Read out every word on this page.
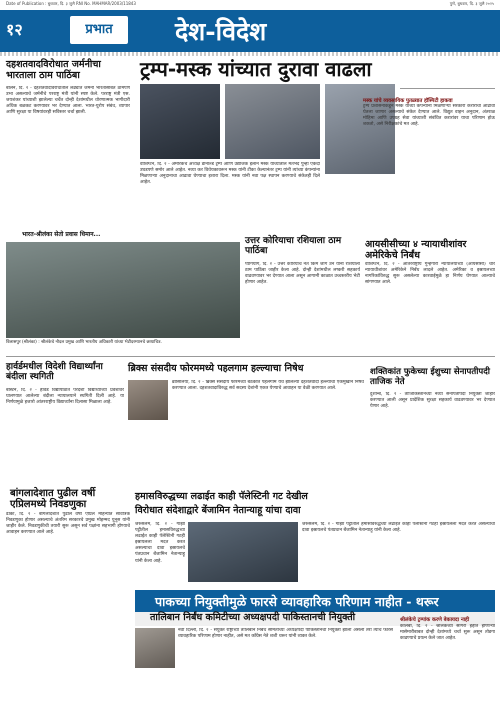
Date of Publication : बुधवार, दि. ३ जुलै RNI No. MAHMAR/2003/11843	पुणे, बुधवार, दि. ३ जुलै २०२५
१२	प्रभात	देश-विदेश
दहशतवादविरोधात जर्मनीचा भारताला ठाम पाठिंबा
बर्लिन, दि. २ - दहशतवादविरोधातील लढ्यात जर्मनी भारतासोबत ठामपणे उभा असल्याचे जर्मनीचे परराष्ट्र मंत्री यांनी स्पष्ट केले. परराष्ट्र मंत्री एस. जयशंकर यांच्याशी झालेल्या चर्चेत दोन्ही देशांमधील धोरणात्मक भागीदारी अधिक बळकट करण्यावर भर देण्यात आला. भारत-युरोप संबंध, व्यापार आणि सुरक्षा या विषयांवरही सविस्तर चर्चा झाली.
ट्रम्प-मस्क यांच्यात दुरावा वाढला
वॉशिंग्टन, दि. २ - अमेरिकेचे अध्यक्ष डोनाल्ड ट्रम्प आणि उद्योजक इलॉन मस्क यांच्यातील मतभेद पुन्हा एकदा उघडपणे समोर आले आहेत. नव्या कर विधेयकावरून मस्क यांनी टीका केल्यानंतर ट्रम्प यांनी त्यांच्या कंपन्यांना मिळणाऱ्या अनुदानाचा आढावा घेण्याचा इशारा दिला. मस्क यांनी नवा पक्ष स्थापन करण्याचे संकेतही दिले आहेत.
मस्क यांचे व्यवसायिक पुतळ्यात हॉस्पिटी हाकवा
ट्रम्प प्रशासनाकडून मस्क यांच्या कंपन्यांना मिळणाऱ्या सरकारी करारांचा आढावा घेतला जाणार असल्याचे संकेत देण्यात आले. विद्युत वाहन अनुदान, अंतराळ मोहिमा आणि उपग्रह सेवा यांच्याशी संबंधित करारांवर याचा परिणाम होऊ शकतो, असे निरीक्षकांचे मत आहे.
भारत-श्रीलंका सेतो प्रवास धिमान...
विलासपुर (श्रीलंका) : श्रीलंकेचे नौदल प्रमुख आणि भारतीय अधिकारी यांच्या भेटीदरम्यानचे छायाचित्र.
उत्तर कोरियाचा रशियाला ठाम पाठिंबा
प्योंगयांग, दि. २ - उत्तर कोरियाचे नेते किम जोंग उन यांनी रशियाला ठाम पाठिंबा जाहीर केला आहे. दोन्ही देशांमधील लष्करी सहकार्य वाढवण्यावर भर देण्यात आला असून आगामी काळात उच्चस्तरीय भेटी होणार आहेत.
आयसीसीच्या ४ न्यायाधीशांवर अमेरिकेचे निर्बंध
वॉशिंग्टन, दि. २ - आंतरराष्ट्रीय गुन्हेगारी न्यायालयाच्या (आयसीसी) चार न्यायाधीशांवर अमेरिकेने निर्बंध लादले आहेत. अमेरिका व इस्रायलच्या नागरिकांविरुद्ध सुरू असलेल्या कारवाईमुळे हा निर्णय घेण्यात आल्याचे सांगण्यात आले.
हार्वर्डमधील विदेशी विद्यार्थ्यांना बंदीला स्थगिती
बोस्टन, दि. २ - हार्वर्ड विद्यापीठात परदेशी विद्यार्थ्यांच्या प्रवेशावर घालण्यात आलेल्या बंदीला न्यायालयाने स्थगिती दिली आहे. या निर्णयामुळे हजारो आंतरराष्ट्रीय विद्यार्थ्यांना दिलासा मिळाला आहे.
ब्रिक्स संसदीय फोरममध्ये पहलगाम हल्ल्याचा निषेध
ब्रासिलिया, दि. २ - ब्रिक्स संसदीय फोरमच्या बैठकीत पहलगाम येथे झालेल्या दहशतवादी हल्ल्याचा एकमुखाने निषेध करण्यात आला. दहशतवादाविरुद्ध सर्व सदस्य देशांनी एकत्र येण्याचे आवाहन या वेळी करण्यात आले.
शक्तिकांत फुकेच्या ईशुच्या सेनापतीपदी ताजिक नेते
दुशान्बे, दि. २ - ताजिकिस्तानच्या नव्या सेनापतीपदी नियुक्ती जाहीर करण्यात आली असून प्रादेशिक सुरक्षा सहकार्य वाढवण्यावर भर देण्यात येणार आहे.
बांगलादेशात पुढील वर्षी एप्रिलमध्ये निवडणुका
ढाका, दि. २ - बांगलादेशात पुढील वर्षी एप्रिल महिन्यात सार्वत्रिक निवडणुका होणार असल्याचे अंतरिम सरकारचे प्रमुख मोहम्मद युनूस यांनी जाहीर केले. निवडणुकीची तयारी सुरू असून सर्व पक्षांना सहभागी होण्याचे आवाहन करण्यात आले आहे.
हमासविरुद्धच्या लढाईत काही पॅलेस्टिनी गट देखील
विरोधात संदेशाद्वारे बेंजामिन नेतान्याहू यांचा दावा
जेरुसलेम, दि. २ - गाझा पट्टीतील हमासविरुद्धच्या लढाईत काही पॅलेस्टिनी गटही इस्रायलला मदत करत असल्याचा दावा इस्रायलचे पंतप्रधान बेंजामिन नेतान्याहू यांनी केला आहे.
जेरुसलेम, दि. २ - गाझा पट्टीतील हमासविरुद्धच्या लढाईत काही पॅलेस्टिनी गटही इस्रायलला मदत करत असल्याचा दावा इस्रायलचे पंतप्रधान बेंजामिन नेतान्याहू यांनी केला आहे.
पाकच्या नियुक्तीमुळे फारसे व्यावहारिक परिणाम नाहीत - थरूर
तालिबान निर्बंध कमिटीच्या अध्यक्षपदी पाकिस्तानची नियुक्ती
नवी दिल्ली, दि. २ - संयुक्त राष्ट्रांच्या तालिबान निर्बंध समितीच्या अध्यक्षपदी पाकिस्तानची नियुक्ती झाली असली तरी त्याचे फारसे व्यावहारिक परिणाम होणार नाहीत, असे मत काँग्रेस नेते शशी थरूर यांनी व्यक्त केले.
श्रीलंकेचे ट्रम्पांक करणे बेकायदा नाही
कोलंबो, दि. २ - श्रीलंकेच्या सागरी हद्दीत होणाऱ्या मासेमारीबाबत दोन्ही देशांमध्ये चर्चा सुरू असून तोडगा काढण्याचे प्रयत्न केले जात आहेत.
